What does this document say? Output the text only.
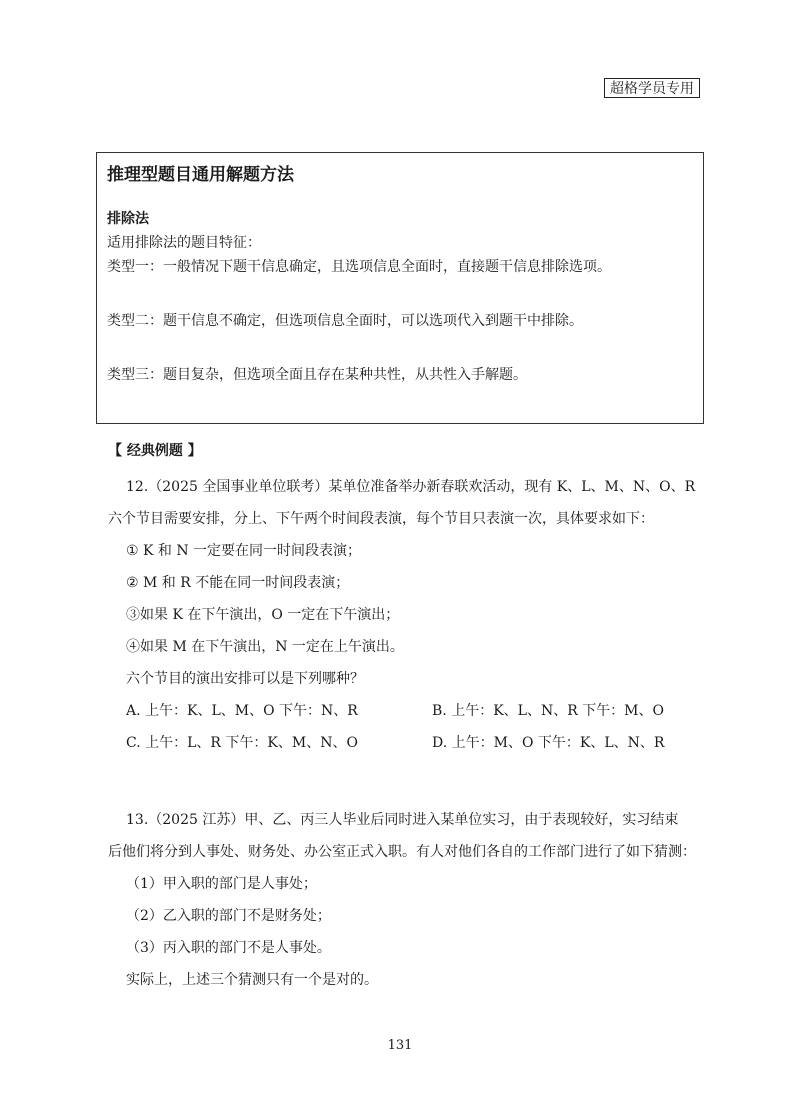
超格学员专用

推理型题目通用解题方法

排除法
适用排除法的题目特征：
类型一：一般情况下题干信息确定，且选项信息全面时，直接题干信息排除选项。
类型二：题干信息不确定，但选项信息全面时，可以选项代入到题干中排除。
类型三：题目复杂，但选项全面且存在某种共性，从共性入手解题。
【 经典例题 】

12.（2025 全国事业单位联考）某单位准备举办新春联欢活动，现有 K、L、M、N、O、R

六个节目需要安排，分上、下午两个时间段表演，每个节目只表演一次，具体要求如下：

① K 和 N 一定要在同一时间段表演；

② M 和 R 不能在同一时间段表演；

③如果 K 在下午演出，O 一定在下午演出；

④如果 M 在下午演出，N 一定在上午演出。

六个节目的演出安排可以是下列哪种？

A. 上午：K、L、M、O 下午：N、R	B. 上午：K、L、N、R 下午：M、O
C. 上午：L、R 下午：K、M、N、O	D. 上午：M、O 下午：K、L、N、R

13.（2025 江苏）甲、乙、丙三人毕业后同时进入某单位实习，由于表现较好，实习结束

后他们将分到人事处、财务处、办公室正式入职。有人对他们各自的工作部门进行了如下猜测：

（1）甲入职的部门是人事处；

（2）乙入职的部门不是财务处；

（3）丙入职的部门不是人事处。

实际上，上述三个猜测只有一个是对的。

131
